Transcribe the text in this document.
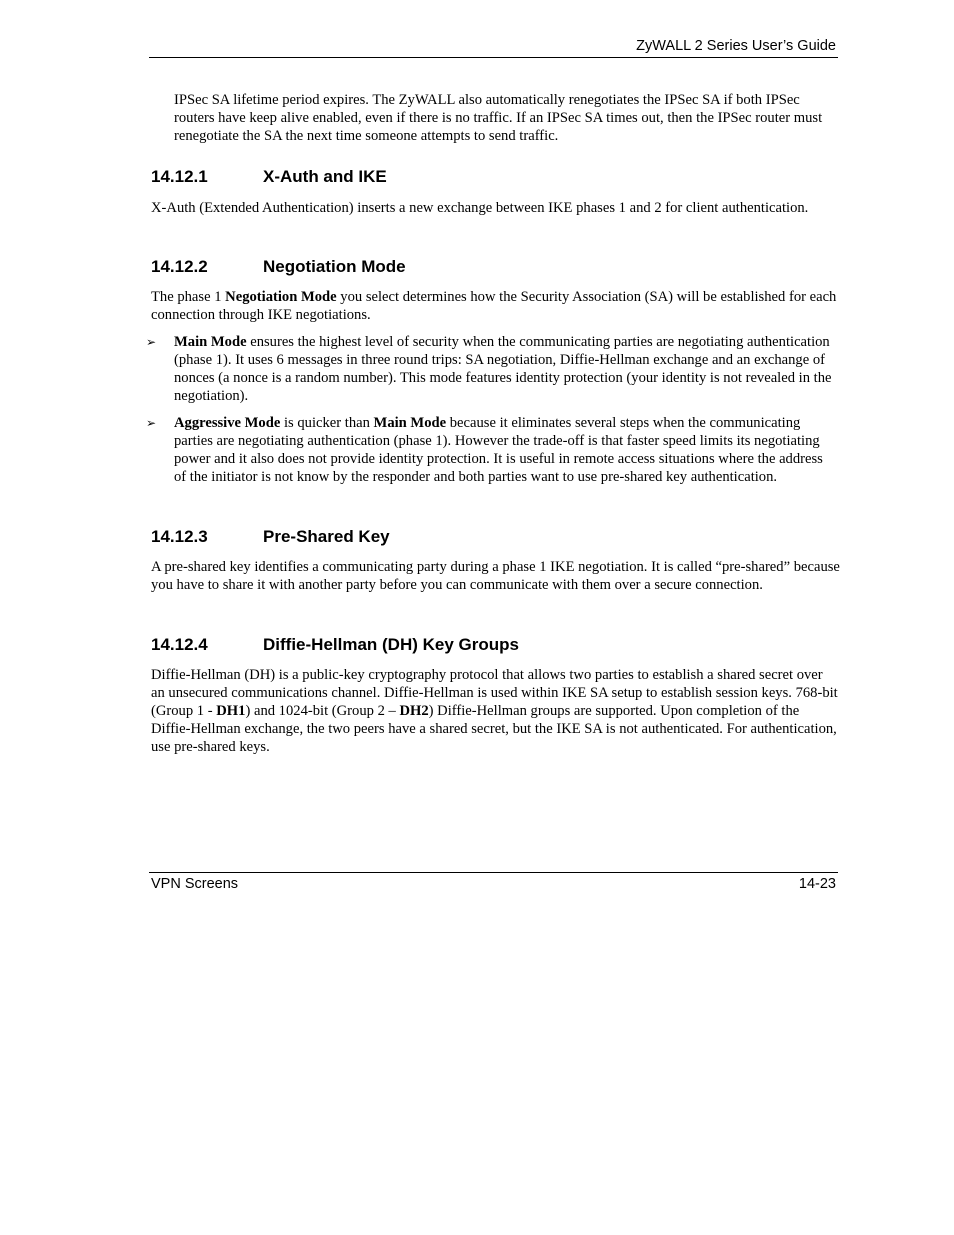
ZyWALL 2 Series User’s Guide

IPSec SA lifetime period expires. The ZyWALL also automatically renegotiates the IPSec SA if both IPSec routers have keep alive enabled, even if there is no traffic. If an IPSec SA times out, then the IPSec router must renegotiate the SA the next time someone attempts to send traffic.

14.12.1	X-Auth and IKE

X-Auth (Extended Authentication) inserts a new exchange between IKE phases 1 and 2 for client authentication.

14.12.2	Negotiation Mode

The phase 1 Negotiation Mode you select determines how the Security Association (SA) will be established for each connection through IKE negotiations.

➢ Main Mode ensures the highest level of security when the communicating parties are negotiating authentication (phase 1). It uses 6 messages in three round trips: SA negotiation, Diffie-Hellman exchange and an exchange of nonces (a nonce is a random number). This mode features identity protection (your identity is not revealed in the negotiation).

➢ Aggressive Mode is quicker than Main Mode because it eliminates several steps when the communicating parties are negotiating authentication (phase 1). However the trade-off is that faster speed limits its negotiating power and it also does not provide identity protection. It is useful in remote access situations where the address of the initiator is not know by the responder and both parties want to use pre-shared key authentication.

14.12.3	Pre-Shared Key

A pre-shared key identifies a communicating party during a phase 1 IKE negotiation. It is called “pre-shared” because you have to share it with another party before you can communicate with them over a secure connection.

14.12.4	Diffie-Hellman (DH) Key Groups

Diffie-Hellman (DH) is a public-key cryptography protocol that allows two parties to establish a shared secret over an unsecured communications channel. Diffie-Hellman is used within IKE SA setup to establish session keys. 768-bit (Group 1 - DH1) and 1024-bit (Group 2 – DH2) Diffie-Hellman groups are supported. Upon completion of the Diffie-Hellman exchange, the two peers have a shared secret, but the IKE SA is not authenticated. For authentication, use pre-shared keys.

VPN Screens	14-23
